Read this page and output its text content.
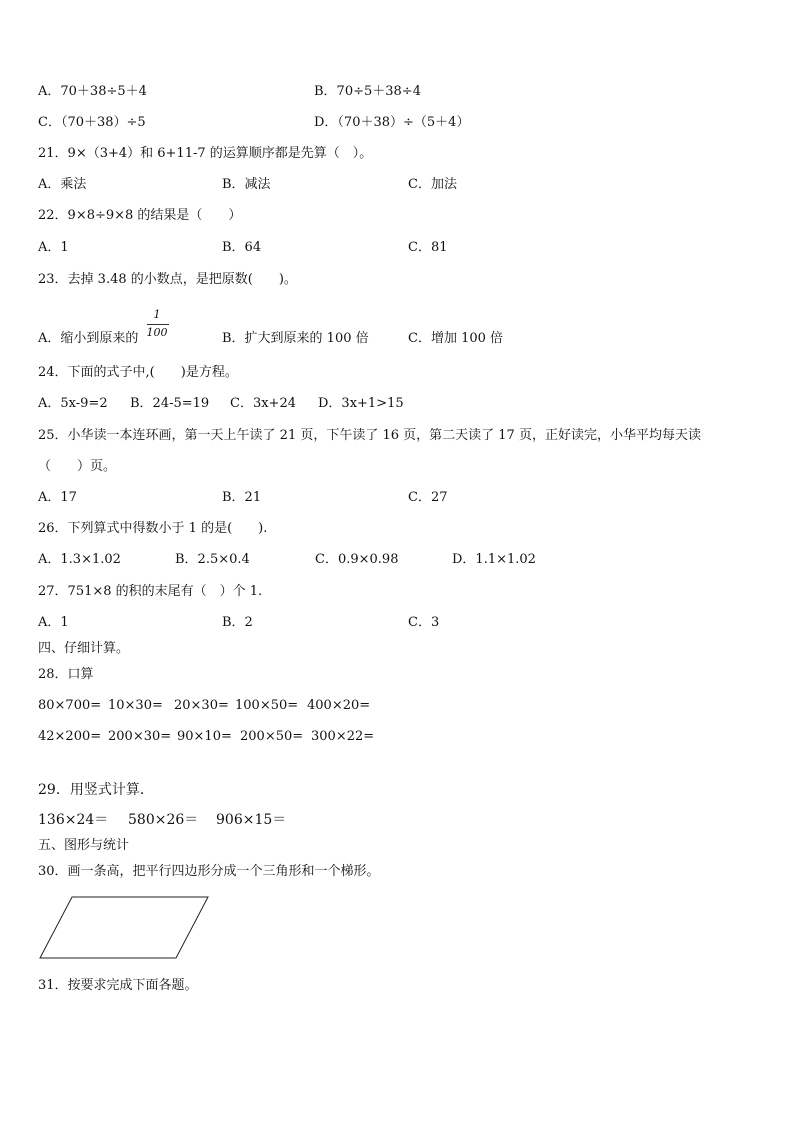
A．70＋38÷5＋4	B．70÷5＋38÷4
C．（70＋38）÷5	D．（70＋38）÷（5＋4）
21．9×（3+4）和 6+11-7 的运算顺序都是先算（　）。
A．乘法	B．减法	C．加法
22．9×8÷9×8 的结果是（　　）
A．1	B．64	C．81
23．去掉 3.48 的小数点，是把原数(　　)。
A．缩小到原来的
1
100	B．扩大到原来的 100 倍	C．增加 100 倍
24．下面的式子中,(　　)是方程。
A．5x-9=2 B．24-5=19 C．3x+24 D．3x+1>15
25．小华读一本连环画，第一天上午读了 21 页，下午读了 16 页，第二天读了 17 页，正好读完，小华平均每天读
（　　）页。
A．17	B．21	C．27
26．下列算式中得数小于 1 的是(　　).
A．1.3×1.02	B．2.5×0.4	C．0.9×0.98	D．1.1×1.02
27．751×8 的积的末尾有（　）个 1.
A．1	B．2	C．3
四、仔细计算。
28．口算
80×700= 10×30= 20×30= 100×50= 400×20=
42×200= 200×30= 90×10= 200×50= 300×22=
29．用竖式计算．
136×24＝ 580×26＝ 906×15＝
五、图形与统计
30．画一条高，把平行四边形分成一个三角形和一个梯形。
31．按要求完成下面各题。
